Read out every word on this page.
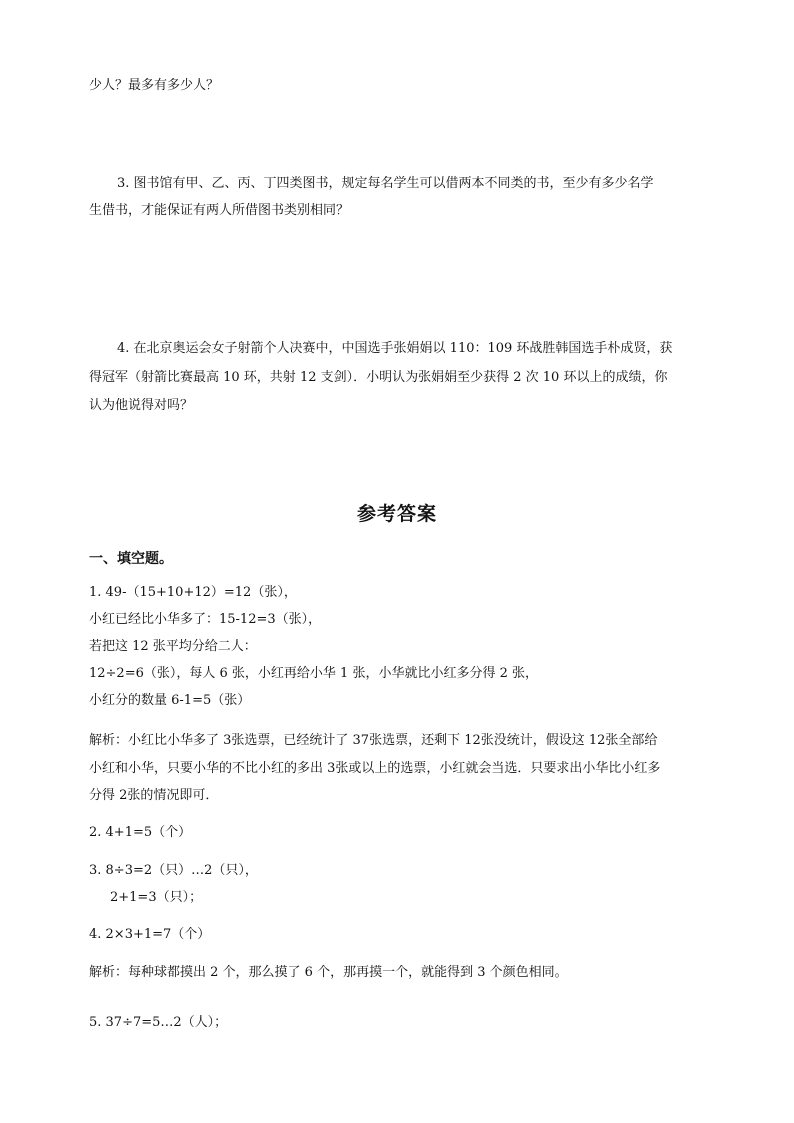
少人？最多有多少人？
3. 图书馆有甲、乙、丙、丁四类图书，规定每名学生可以借两本不同类的书，至少有多少名学
生借书，才能保证有两人所借图书类别相同？
4. 在北京奥运会女子射箭个人决赛中，中国选手张娟娟以 110：109 环战胜韩国选手朴成贤，获
得冠军（射箭比赛最高 10 环，共射 12 支剑）．小明认为张娟娟至少获得 2 次 10 环以上的成绩，你
认为他说得对吗？
参考答案
一、填空题。
1. 49-（15+10+12）=12（张），
小红已经比小华多了：15-12=3（张），
若把这 12 张平均分给二人：
12÷2=6（张），每人 6 张，小红再给小华 1 张，小华就比小红多分得 2 张，
小红分的数量 6-1=5（张）
解析：小红比小华多了 3张选票，已经统计了 37张选票，还剩下 12张没统计，假设这 12张全部给
小红和小华，只要小华的不比小红的多出 3张或以上的选票，小红就会当选．只要求出小华比小红多
分得 2张的情况即可．
2. 4+1=5（个）
3. 8÷3=2（只）…2（只），
2+1=3（只）；
4. 2×3+1=7（个）
解析：每种球都摸出 2 个，那么摸了 6 个，那再摸一个，就能得到 3 个颜色相同。
5. 37÷7=5…2（人）；
